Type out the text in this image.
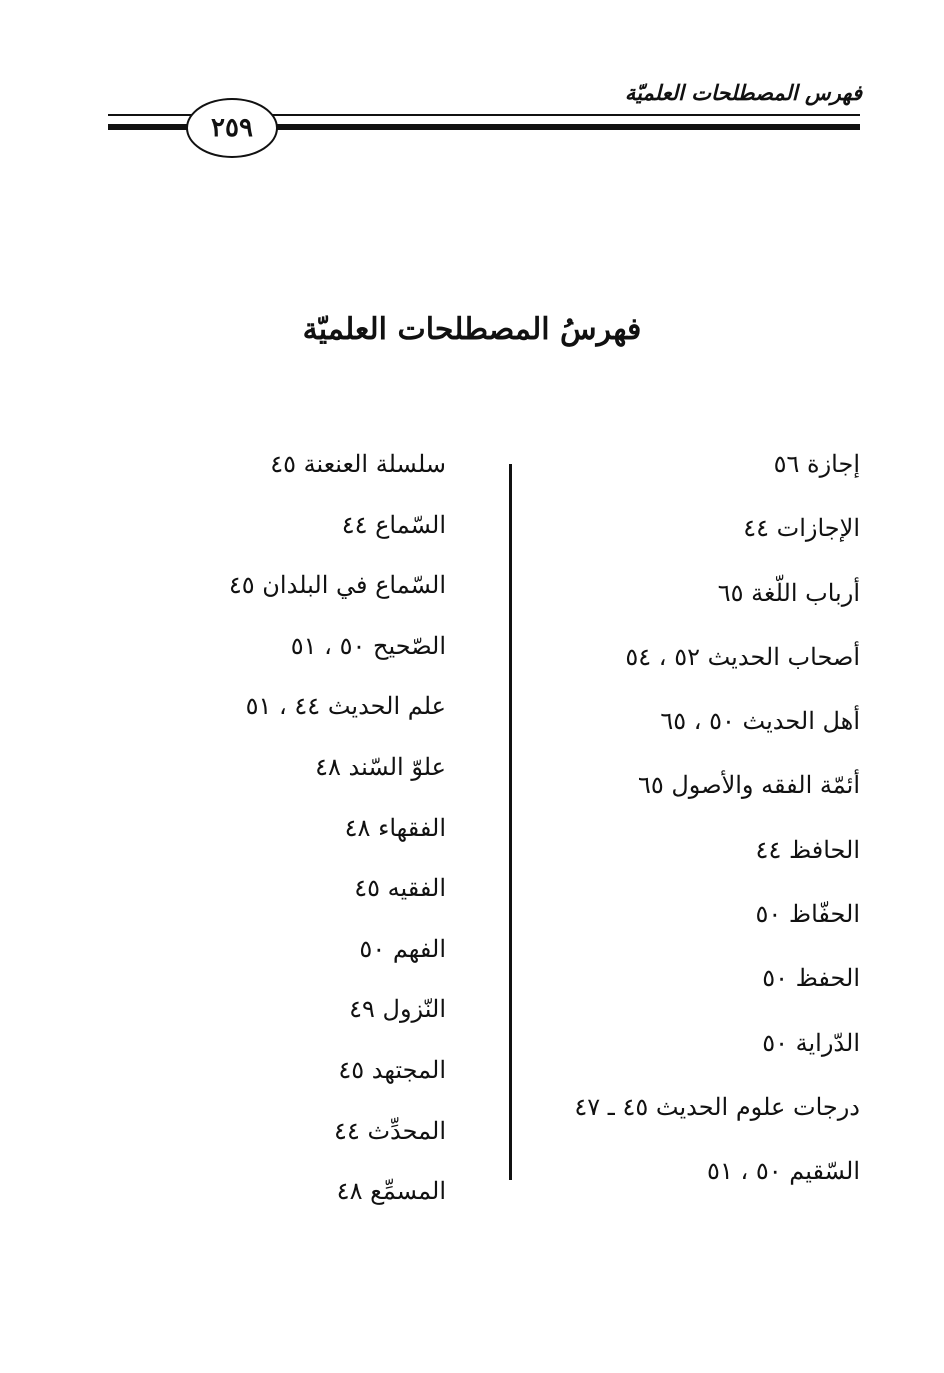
فهرس المصطلحات العلميّة
٢٥٩
فهرسُ المصطلحات العلميّة
إجازة ٥٦
الإجازات ٤٤
أرباب اللّغة ٦٥
أصحاب الحديث ٥٢ ، ٥٤
أهل الحديث ٥٠ ، ٦٥
أئمّة الفقه والأصول ٦٥
الحافظ ٤٤
الحفّاظ ٥٠
الحفظ ٥٠
الدّراية ٥٠
درجات علوم الحديث ٤٥ ـ ٤٧
السّقيم ٥٠ ، ٥١
سلسلة العنعنة ٤٥
السّماع ٤٤
السّماع في البلدان ٤٥
الصّحيح ٥٠ ، ٥١
علم الحديث ٤٤ ، ٥١
علوّ السّند ٤٨
الفقهاء ٤٨
الفقيه ٤٥
الفهم ٥٠
النّزول ٤٩
المجتهد ٤٥
المحدِّث ٤٤
المسمِّع ٤٨
